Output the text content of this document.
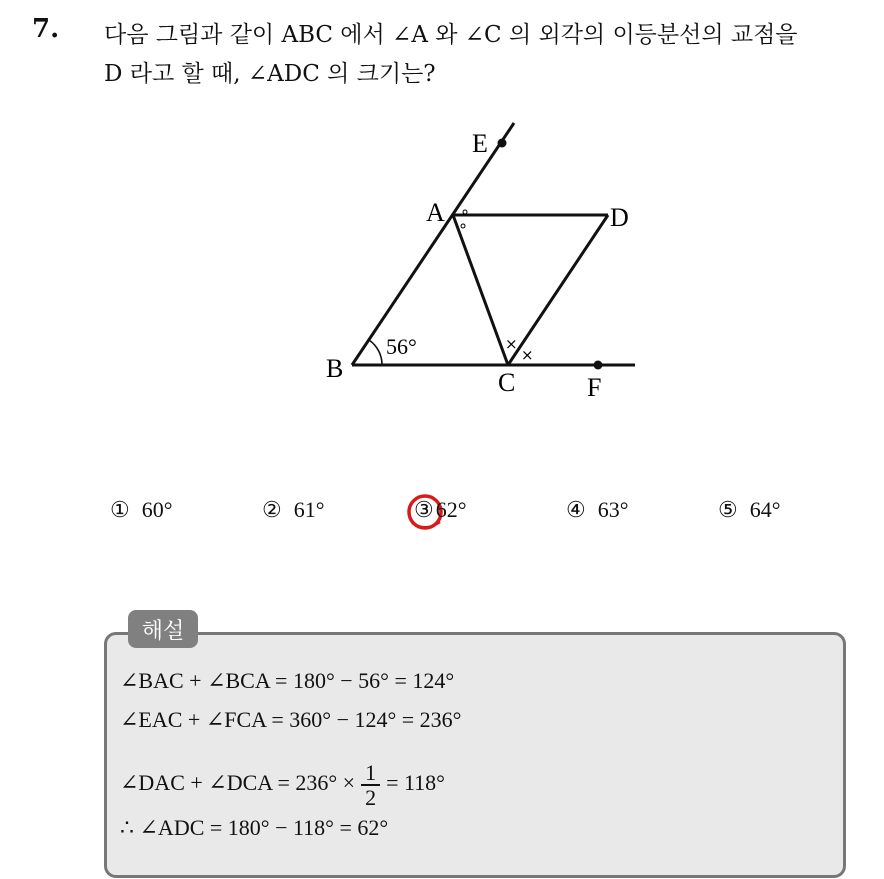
7. 다음 그림과 같이 ABC 에서 ∠A 와 ∠C 의 외각의 이등분선의 교점을
D 라고 할 때, ∠ADC 의 크기는?
E
A	D
B	C	F
56°
∘
∘
×
×
① 60°	② 61°	③62°	④ 63°	⑤ 64°
해설
∠BAC + ∠BCA = 180° − 56° = 124°
∠EAC + ∠FCA = 360° − 124° = 236°
∠DAC + ∠DCA = $236^\circ \times \frac{1}{2} = 118^\circ$
∴ ∠ADC = 180° − 118° = 62°
